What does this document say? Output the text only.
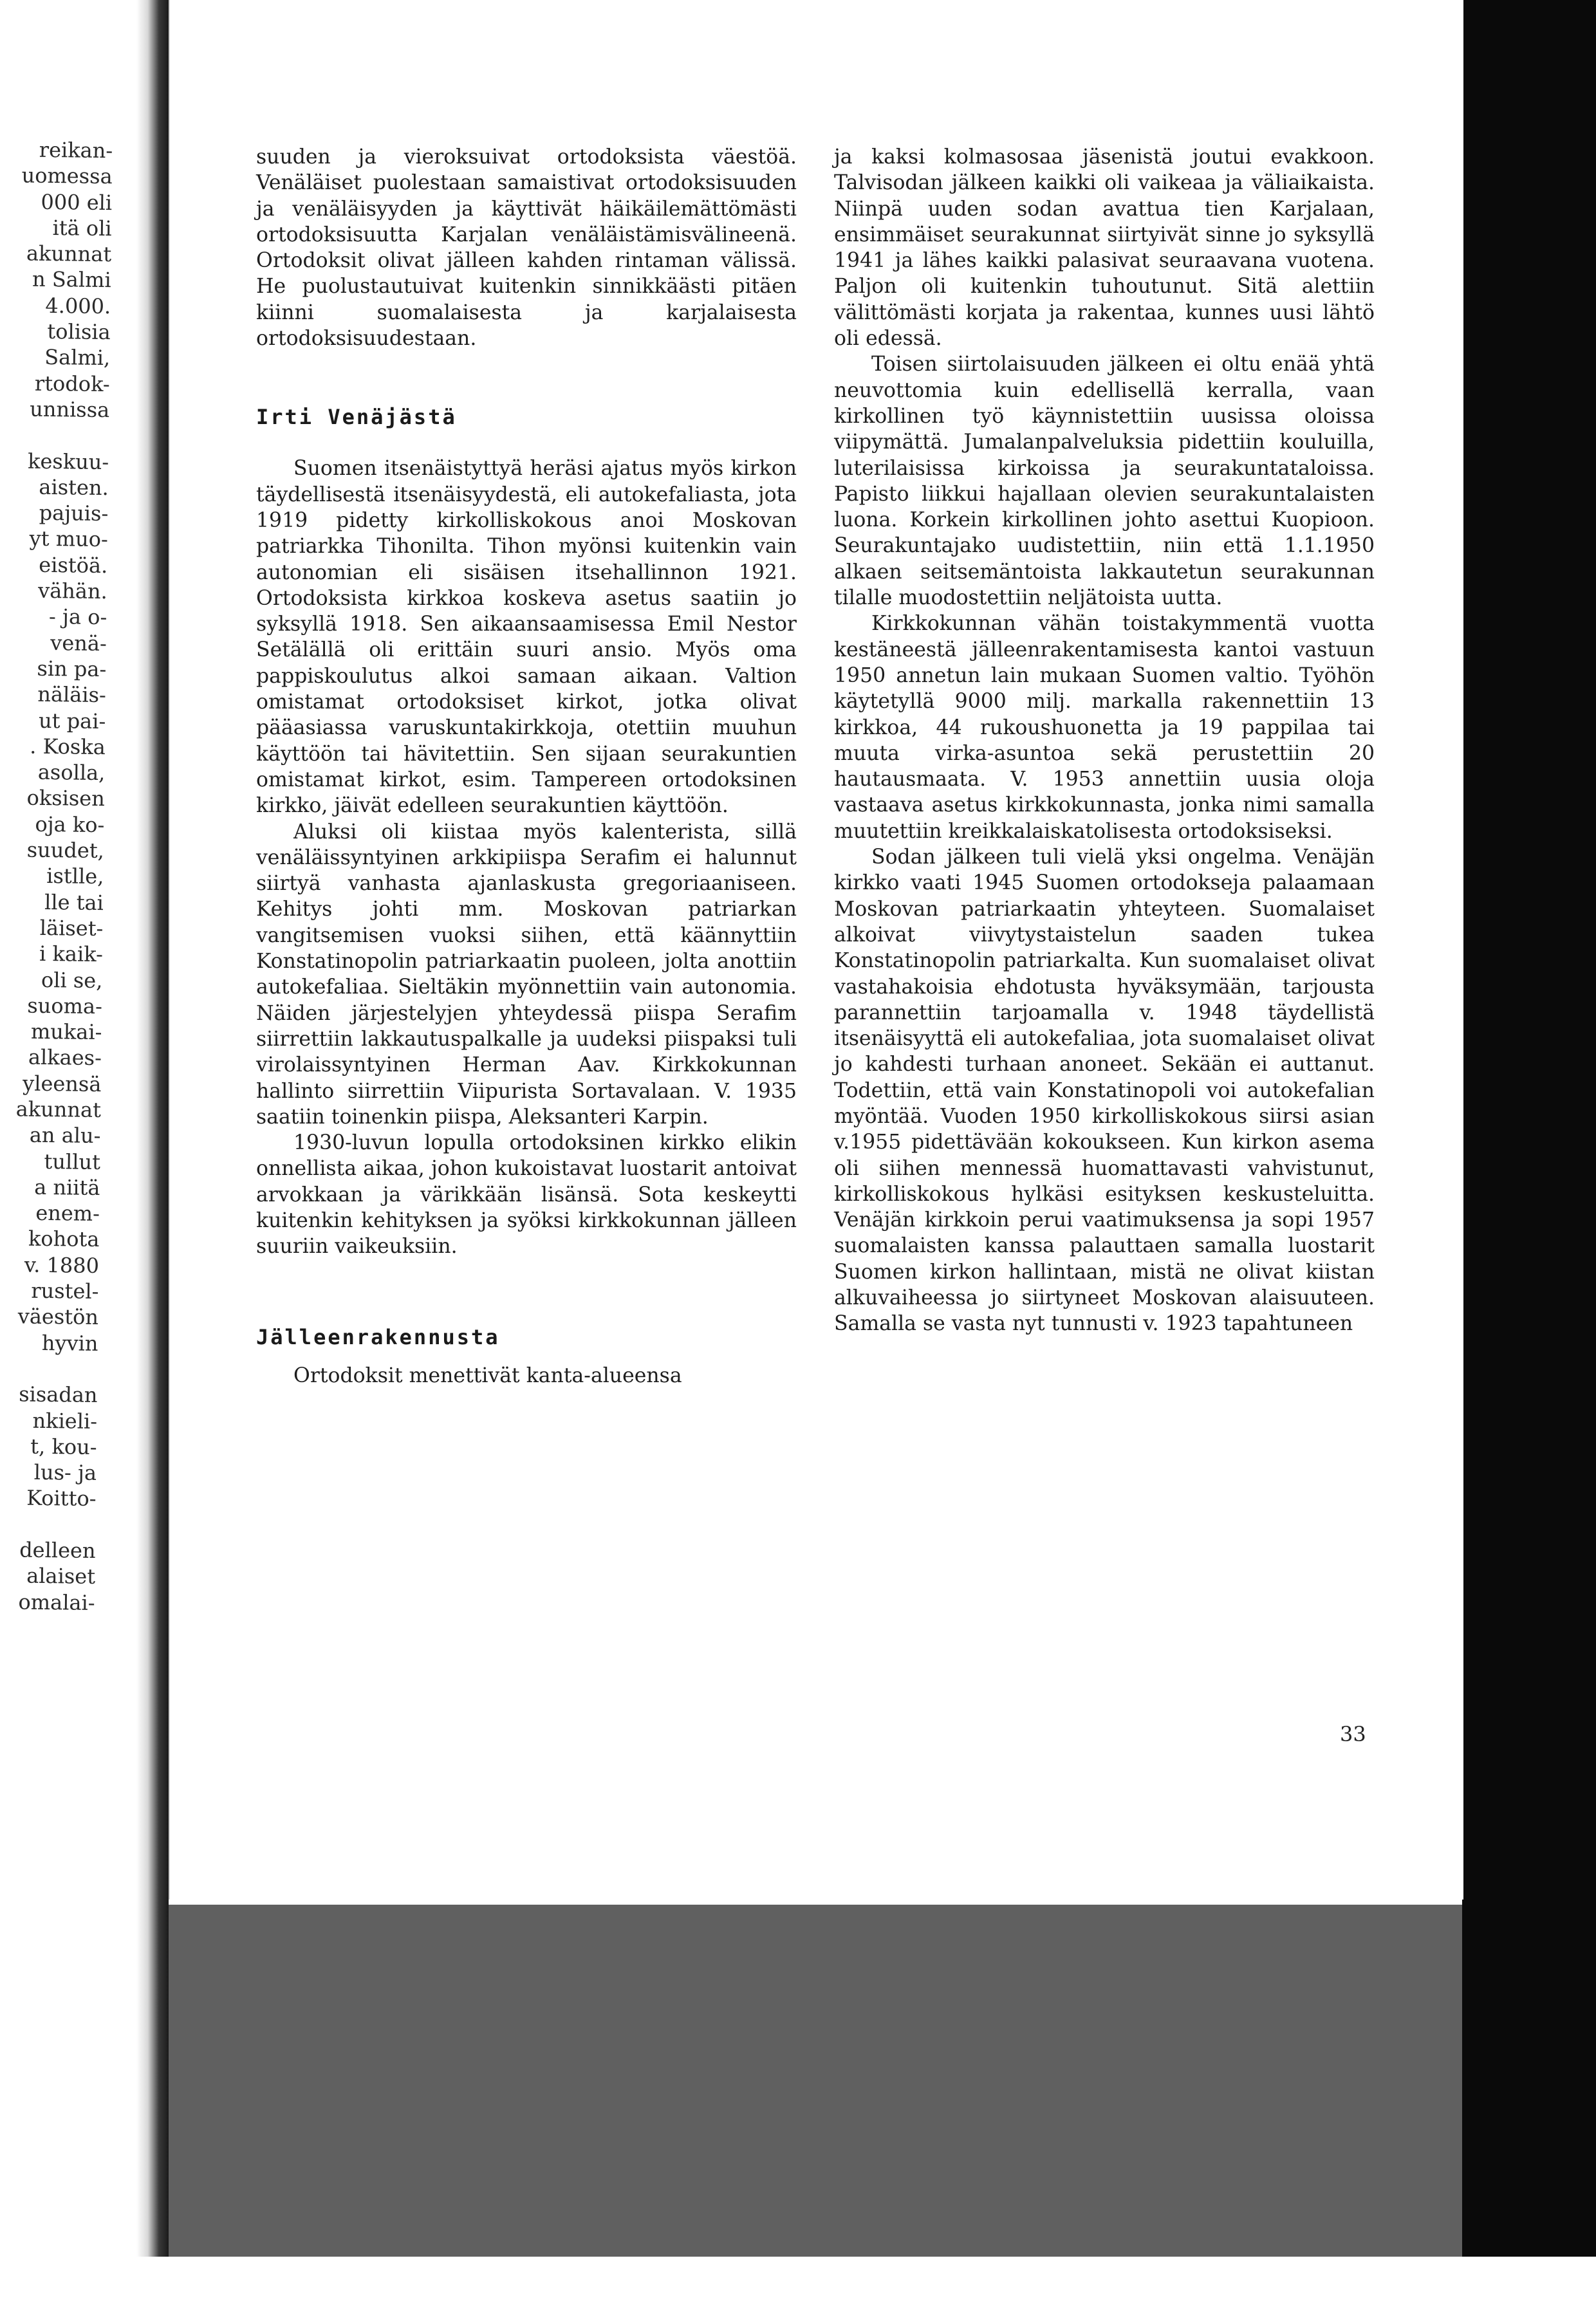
reikan-
uomessa
000 eli
itä oli
akunnat
n Salmi
4.000.
tolisia
Salmi,
rtodok-
unnissa
keskuu-
aisten.
pajuis-
yt muo-
eistöä.
vähän.
- ja o-
venä-
sin pa-
näläis-
ut pai-
. Koska
asolla,
oksisen
oja ko-
suudet,
istlle,
lle tai
läiset-
i kaik-
oli se,
suoma-
mukai-
alkaes-
yleensä
akunnat
an alu-
tullut
a niitä
enem-
kohota
v. 1880
rustel-
väestön
hyvin
sisadan
nkieli-
t, kou-
lus- ja
Koitto-
delleen
alaiset
omalai-

suuden ja vieroksuivat ortodoksista väestöä. Venäläiset puolestaan samaistivat ortodoksisuuden ja venäläisyyden ja käyttivät häikäilemättömästi ortodoksisuutta Karjalan venäläistämisvälineenä. Ortodoksit olivat jälleen kahden rintaman välissä. He puolustautuivat kuitenkin sinnikkäästi pitäen kiinni suomalaisesta ja karjalaisesta ortodoksisuudestaan.

Irti Venäjästä

Suomen itsenäistyttyä heräsi ajatus myös kirkon täydellisestä itsenäisyydestä, eli autokefaliasta, jota 1919 pidetty kirkolliskokous anoi Moskovan patriarkka Tihonilta. Tihon myönsi kuitenkin vain autonomian eli sisäisen itsehallinnon 1921. Ortodoksista kirkkoa koskeva asetus saatiin jo syksyllä 1918. Sen aikaansaamisessa Emil Nestor Setälällä oli erittäin suuri ansio. Myös oma pappiskoulutus alkoi samaan aikaan. Valtion omistamat ortodoksiset kirkot, jotka olivat pääasiassa varuskuntakirkkoja, otettiin muuhun käyttöön tai hävitettiin. Sen sijaan seurakuntien omistamat kirkot, esim. Tampereen ortodoksinen kirkko, jäivät edelleen seurakuntien käyttöön.

Aluksi oli kiistaa myös kalenterista, sillä venäläissyntyinen arkkipiispa Serafim ei halunnut siirtyä vanhasta ajanlaskusta gregoriaaniseen. Kehitys johti mm. Moskovan patriarkan vangitsemisen vuoksi siihen, että käännyttiin Konstatinopolin patriarkaatin puoleen, jolta anottiin autokefaliaa. Sieltäkin myönnettiin vain autonomia. Näiden järjestelyjen yhteydessä piispa Serafim siirrettiin lakkautuspalkalle ja uudeksi piispaksi tuli virolaissyntyinen Herman Aav. Kirkkokunnan hallinto siirrettiin Viipurista Sortavalaan. V. 1935 saatiin toinenkin piispa, Aleksanteri Karpin.

1930-luvun lopulla ortodoksinen kirkko elikin onnellista aikaa, johon kukoistavat luostarit antoivat arvokkaan ja värikkään lisänsä. Sota keskeytti kuitenkin kehityksen ja syöksi kirkkokunnan jälleen suuriin vaikeuksiin.

Jälleenrakennusta

Ortodoksit menettivät kanta-alueensa

ja kaksi kolmasosaa jäsenistä joutui evakkoon. Talvisodan jälkeen kaikki oli vaikeaa ja väliaikaista. Niinpä uuden sodan avattua tien Karjalaan, ensimmäiset seurakunnat siirtyivät sinne jo syksyllä 1941 ja lähes kaikki palasivat seuraavana vuotena. Paljon oli kuitenkin tuhoutunut. Sitä alettiin välittömästi korjata ja rakentaa, kunnes uusi lähtö oli edessä.

Toisen siirtolaisuuden jälkeen ei oltu enää yhtä neuvottomia kuin edellisellä kerralla, vaan kirkollinen työ käynnistettiin uusissa oloissa viipymättä. Jumalanpalveluksia pidettiin kouluilla, luterilaisissa kirkoissa ja seurakuntataloissa. Papisto liikkui hajallaan olevien seurakuntalaisten luona. Korkein kirkollinen johto asettui Kuopioon. Seurakuntajako uudistettiin, niin että 1.1.1950 alkaen seitsemäntoista lakkautetun seurakunnan tilalle muodostettiin neljätoista uutta.

Kirkkokunnan vähän toistakymmentä vuotta kestäneestä jälleenrakentamisesta kantoi vastuun 1950 annetun lain mukaan Suomen valtio. Työhön käytetyllä 9000 milj. markalla rakennettiin 13 kirkkoa, 44 rukoushuonetta ja 19 pappilaa tai muuta virka-asuntoa sekä perustettiin 20 hautausmaata. V. 1953 annettiin uusia oloja vastaava asetus kirkkokunnasta, jonka nimi samalla muutettiin kreikkalaiskatolisesta ortodoksiseksi.

Sodan jälkeen tuli vielä yksi ongelma. Venäjän kirkko vaati 1945 Suomen ortodokseja palaamaan Moskovan patriarkaatin yhteyteen. Suomalaiset alkoivat viivytystaistelun saaden tukea Konstatinopolin patriarkalta. Kun suomalaiset olivat vastahakoisia ehdotusta hyväksymään, tarjousta parannettiin tarjoamalla v. 1948 täydellistä itsenäisyyttä eli autokefaliaa, jota suomalaiset olivat jo kahdesti turhaan anoneet. Sekään ei auttanut. Todettiin, että vain Konstatinopoli voi autokefalian myöntää. Vuoden 1950 kirkolliskokous siirsi asian v.1955 pidettävään kokoukseen. Kun kirkon asema oli siihen mennessä huomattavasti vahvistunut, kirkolliskokous hylkäsi esityksen keskusteluitta. Venäjän kirkkoin perui vaatimuksensa ja sopi 1957 suomalaisten kanssa palauttaen samalla luostarit Suomen kirkon hallintaan, mistä ne olivat kiistan alkuvaiheessa jo siirtyneet Moskovan alaisuuteen. Samalla se vasta nyt tunnusti v. 1923 tapahtuneen

33
